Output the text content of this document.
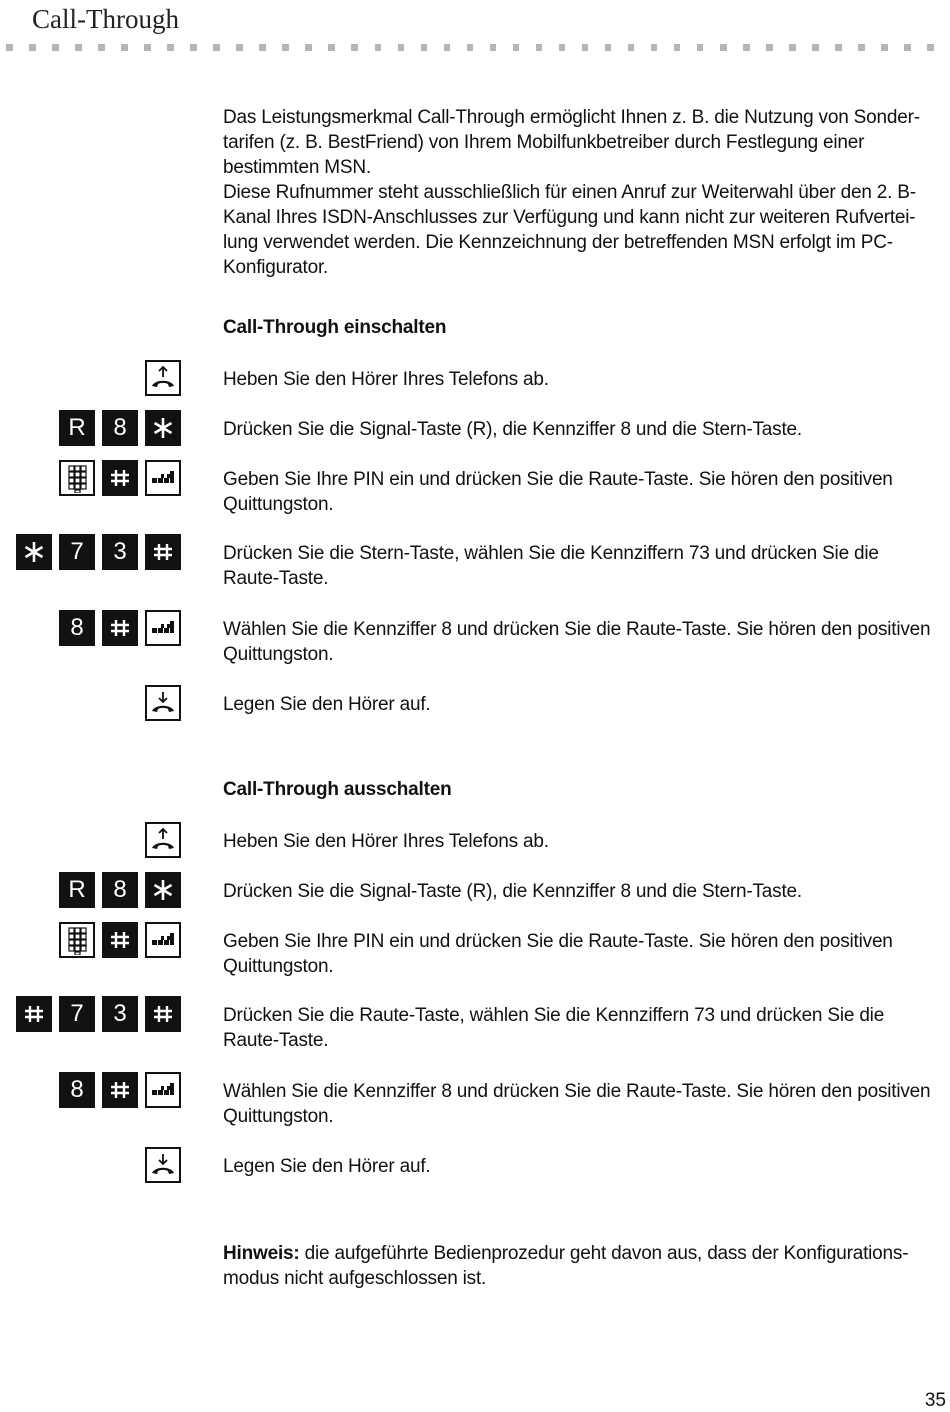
Call-Through
Das Leistungsmerkmal Call-Through ermöglicht Ihnen z. B. die Nutzung von Sonder-
tarifen (z. B. BestFriend) von Ihrem Mobilfunkbetreiber durch Festlegung einer
bestimmten MSN.
Diese Rufnummer steht ausschließlich für einen Anruf zur Weiterwahl über den 2. B-
Kanal Ihres ISDN-Anschlusses zur Verfügung und kann nicht zur weiteren Rufvertei-
lung verwendet werden. Die Kennzeichnung der betreffenden MSN erfolgt im PC-
Konfigurator.
Call-Through einschalten
Heben Sie den Hörer Ihres Telefons ab.
R	8	Drücken Sie die Signal-Taste (R), die Kennziffer 8 und die Stern-Taste.
Geben Sie Ihre PIN ein und drücken Sie die Raute-Taste. Sie hören den positiven
Quittungston.
7	3	Drücken Sie die Stern-Taste, wählen Sie die Kennziffern 73 und drücken Sie die
Raute-Taste.
8	Wählen Sie die Kennziffer 8 und drücken Sie die Raute-Taste. Sie hören den positiven
Quittungston.
Legen Sie den Hörer auf.
Call-Through ausschalten
Heben Sie den Hörer Ihres Telefons ab.
R	8	Drücken Sie die Signal-Taste (R), die Kennziffer 8 und die Stern-Taste.
Geben Sie Ihre PIN ein und drücken Sie die Raute-Taste. Sie hören den positiven
Quittungston.
7	3	Drücken Sie die Raute-Taste, wählen Sie die Kennziffern 73 und drücken Sie die
Raute-Taste.
8	Wählen Sie die Kennziffer 8 und drücken Sie die Raute-Taste. Sie hören den positiven
Quittungston.
Legen Sie den Hörer auf.
Hinweis: die aufgeführte Bedienprozedur geht davon aus, dass der Konfigurations-
modus nicht aufgeschlossen ist.
35
